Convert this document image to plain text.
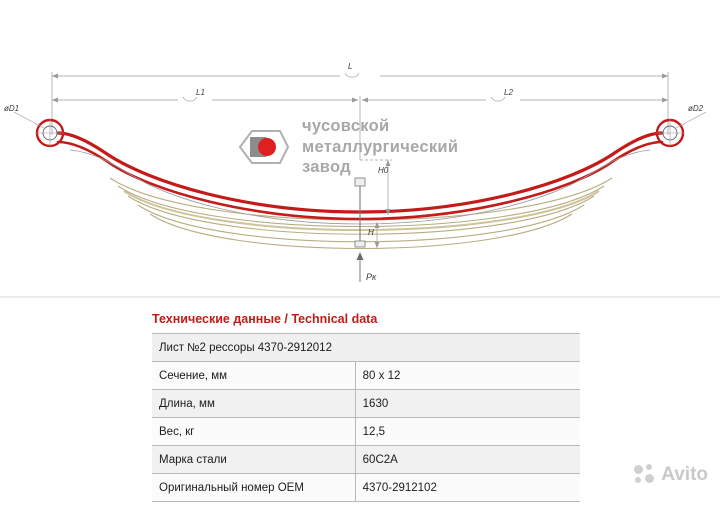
L
L1	L2
øD1	øD2
H0
H
Рк
чусовской
металлургический
завод
Технические данные / Technical data
Лист №2 рессоры 4370-2912012	
Сечение, мм	80 х 12
Длина, мм	1630
Вес, кг	12,5
Марка стали	60С2А
Оригинальный номер OEM	4370-2912102
Avito
